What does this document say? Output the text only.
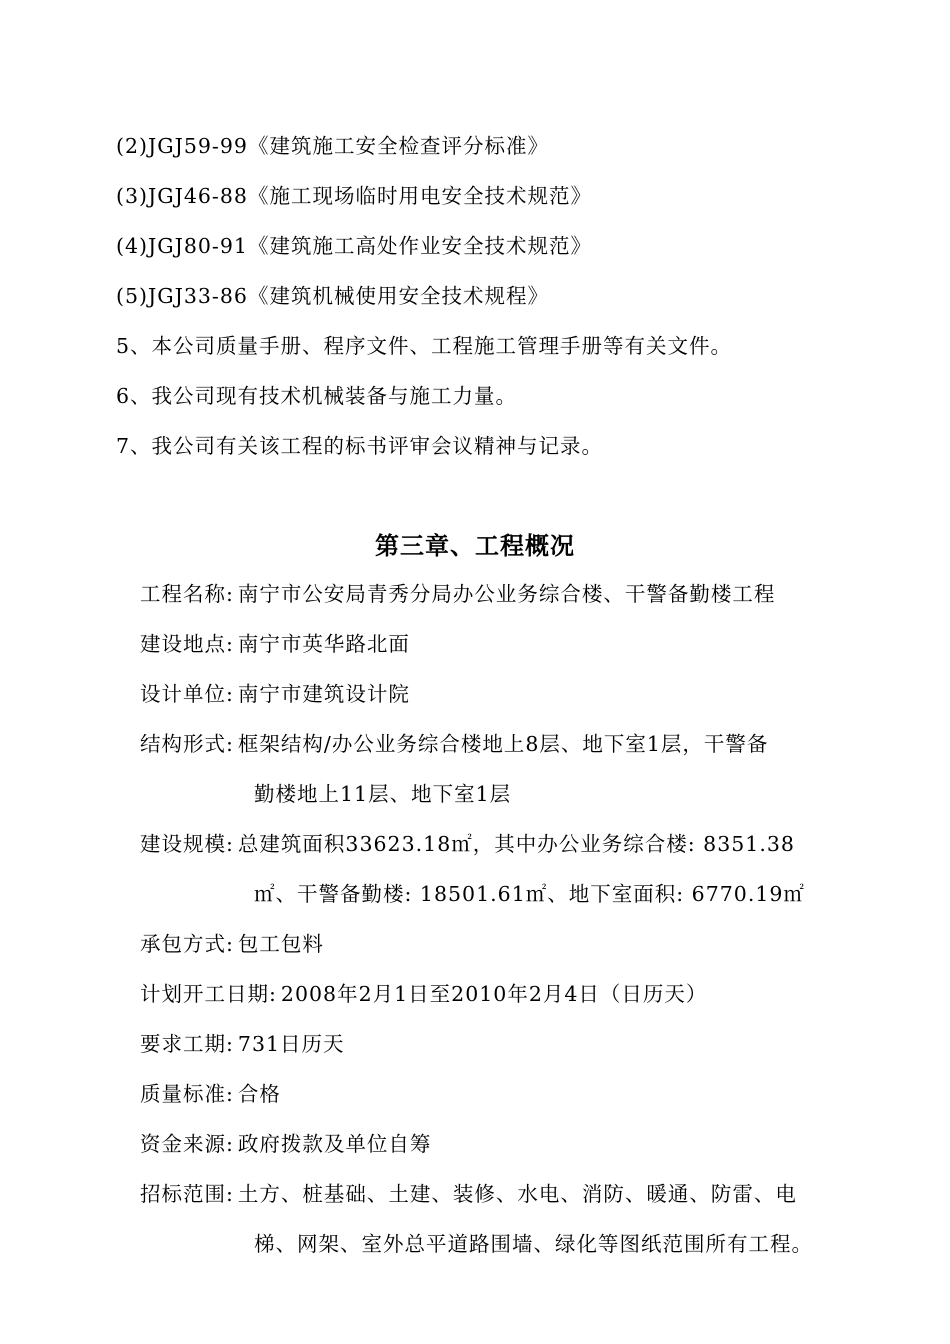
(2)JGJ59-99《建筑施工安全检查评分标准》
(3)JGJ46-88《施工现场临时用电安全技术规范》
(4)JGJ80-91《建筑施工高处作业安全技术规范》
(5)JGJ33-86《建筑机械使用安全技术规程》
5、本公司质量手册、程序文件、工程施工管理手册等有关文件。
6、我公司现有技术机械装备与施工力量。
7、我公司有关该工程的标书评审会议精神与记录。
第三章、工程概况
工程名称: 南宁市公安局青秀分局办公业务综合楼、干警备勤楼工程
建设地点: 南宁市英华路北面
设计单位: 南宁市建筑设计院
结构形式: 框架结构/办公业务综合楼地上8层、地下室1层，干警备
勤楼地上11层、地下室1层
建设规模: 总建筑面积33623.18㎡，其中办公业务综合楼: 8351.38
㎡、干警备勤楼: 18501.61㎡、地下室面积: 6770.19㎡
承包方式: 包工包料
计划开工日期: 2008年2月1日至2010年2月4日（日历天）
要求工期: 731日历天
质量标准: 合格
资金来源: 政府拨款及单位自筹
招标范围: 土方、桩基础、土建、装修、水电、消防、暖通、防雷、电
梯、网架、室外总平道路围墙、绿化等图纸范围所有工程。
